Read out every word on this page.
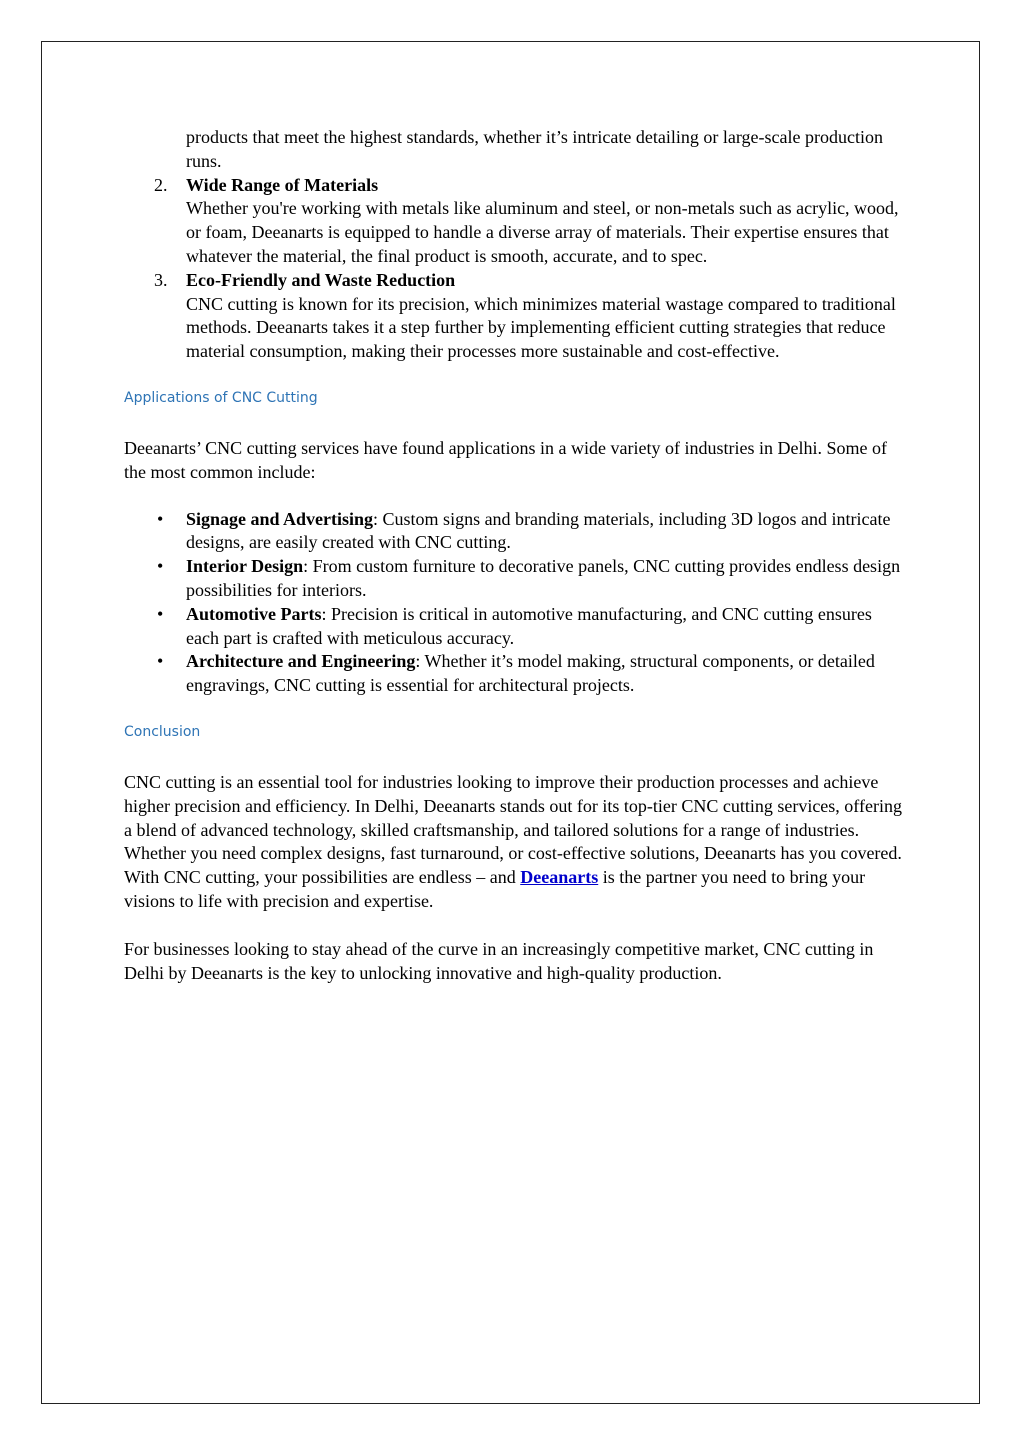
products that meet the highest standards, whether it’s intricate detailing or large-scale production runs.

2. Wide Range of Materials
Whether you're working with metals like aluminum and steel, or non-metals such as acrylic, wood, or foam, Deeanarts is equipped to handle a diverse array of materials. Their expertise ensures that whatever the material, the final product is smooth, accurate, and to spec.
3. Eco-Friendly and Waste Reduction
CNC cutting is known for its precision, which minimizes material wastage compared to traditional methods. Deeanarts takes it a step further by implementing efficient cutting strategies that reduce material consumption, making their processes more sustainable and cost-effective.
Applications of CNC Cutting

Deeanarts’ CNC cutting services have found applications in a wide variety of industries in Delhi. Some of the most common include:

• Signage and Advertising: Custom signs and branding materials, including 3D logos and intricate designs, are easily created with CNC cutting.
• Interior Design: From custom furniture to decorative panels, CNC cutting provides endless design possibilities for interiors.
• Automotive Parts: Precision is critical in automotive manufacturing, and CNC cutting ensures each part is crafted with meticulous accuracy.
• Architecture and Engineering: Whether it’s model making, structural components, or detailed engravings, CNC cutting is essential for architectural projects.
Conclusion

CNC cutting is an essential tool for industries looking to improve their production processes and achieve higher precision and efficiency. In Delhi, Deeanarts stands out for its top-tier CNC cutting services, offering a blend of advanced technology, skilled craftsmanship, and tailored solutions for a range of industries. Whether you need complex designs, fast turnaround, or cost-effective solutions, Deeanarts has you covered. With CNC cutting, your possibilities are endless – and Deeanarts is the partner you need to bring your visions to life with precision and expertise.

For businesses looking to stay ahead of the curve in an increasingly competitive market, CNC cutting in Delhi by Deeanarts is the key to unlocking innovative and high-quality production.
